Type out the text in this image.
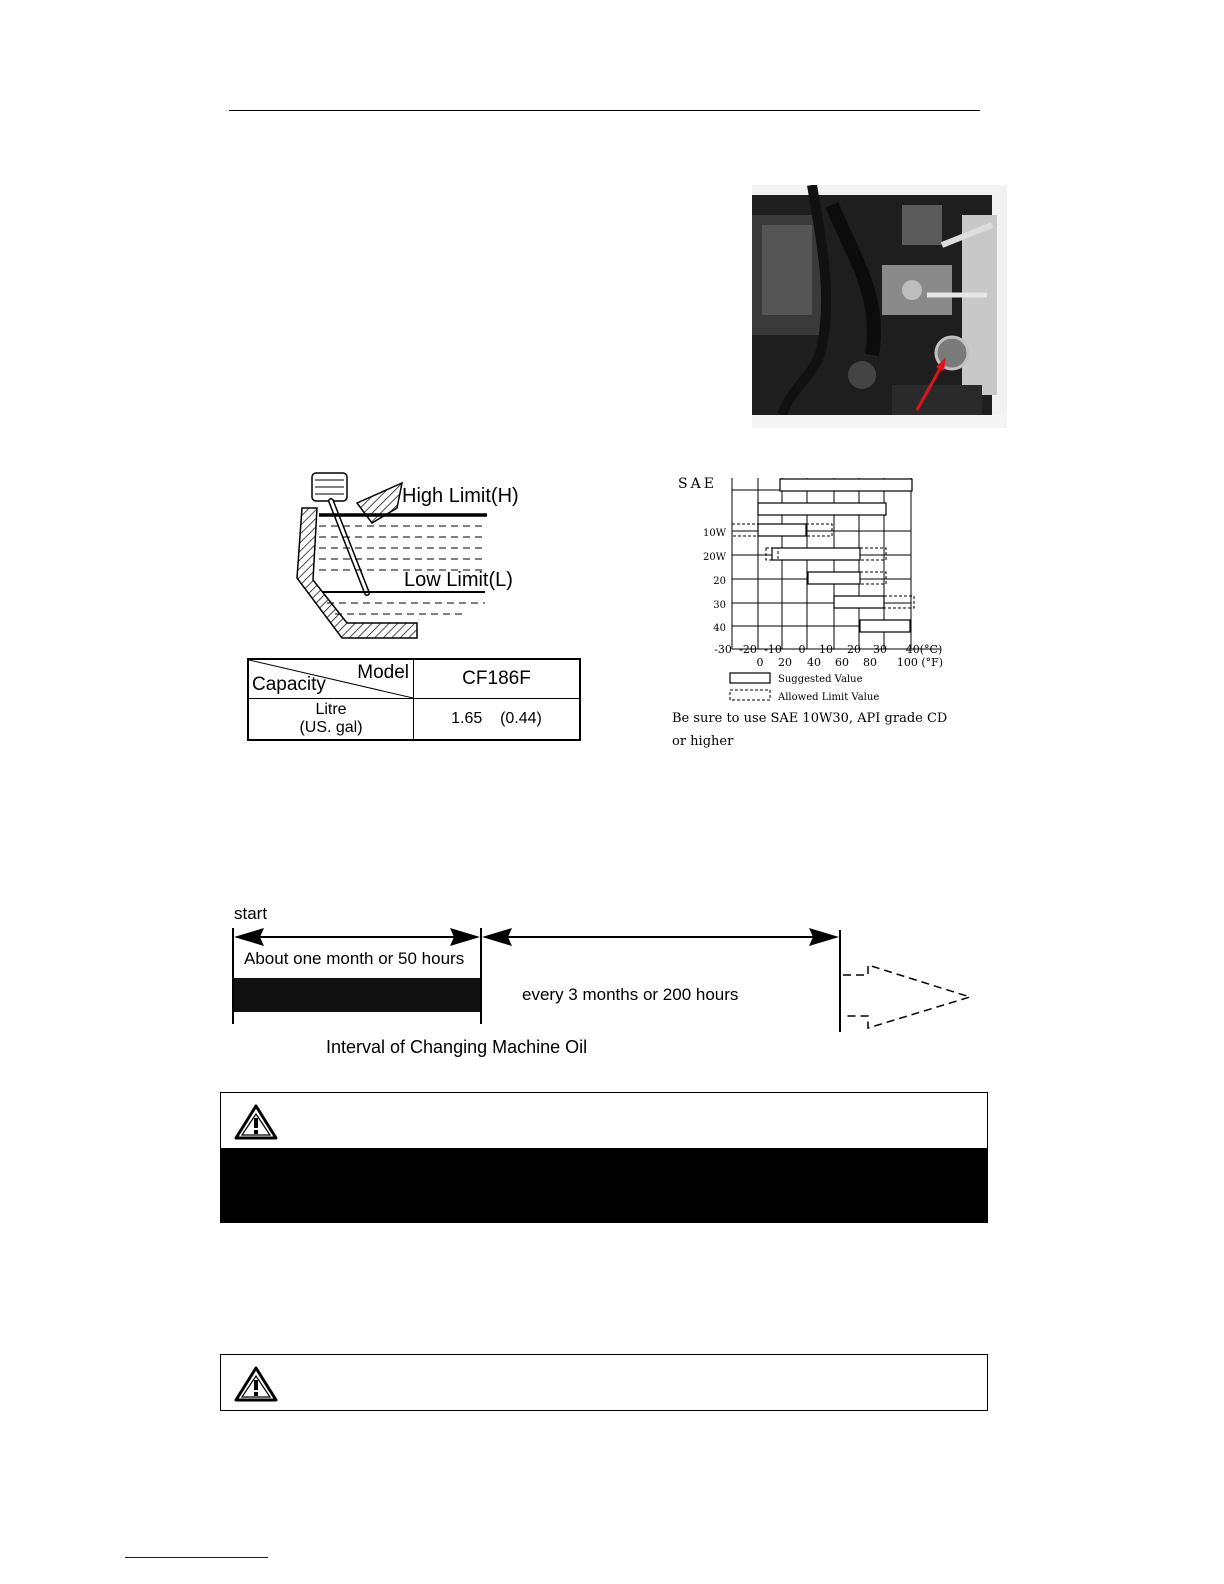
High Limit(H)
Low Limit(L)
Model
Capacity	CF186F

Litre
(US. gal)	1.65    (0.44)
SAE
10W
20W
20
30
40
-30 -20 -10 0 10 20 30 40(°C)
0 20 40 60 80 100 (°F)
Suggested Value
Allowed Limit Value
Be sure to use SAE 10W30, API grade CD
or higher
start
About one month or 50 hours
every 3 months or 200 hours
Interval of Changing Machine Oil
